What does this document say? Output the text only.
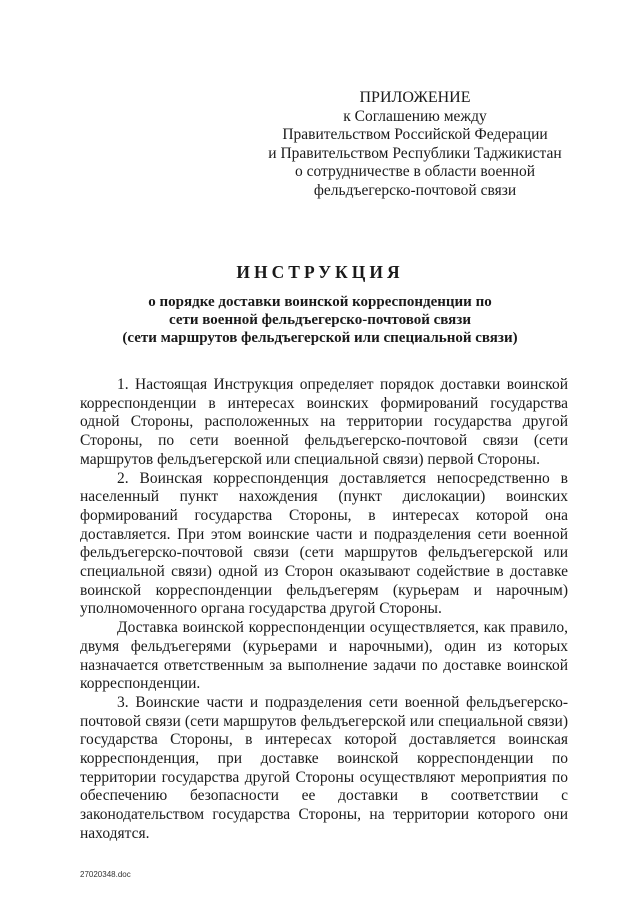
ПРИЛОЖЕНИЕ
к Соглашению между
Правительством Российской Федерации
и Правительством Республики Таджикистан
о сотрудничестве в области военной
фельдъегерско-почтовой связи
ИНСТРУКЦИЯ
о порядке доставки воинской корреспонденции по
сети военной фельдъегерско-почтовой связи
(сети маршрутов фельдъегерской или специальной связи)

1. Настоящая Инструкция определяет порядок доставки воинской корреспонденции в интересах воинских формирований государства одной Стороны, расположенных на территории государства другой Стороны, по сети военной фельдъегерско-почтовой связи (сети маршрутов фельдъегерской или специальной связи) первой Стороны.

2. Воинская корреспонденция доставляется непосредственно в населенный пункт нахождения (пункт дислокации) воинских формирований государства Стороны, в интересах которой она доставляется. При этом воинские части и подразделения сети военной фельдъегерско-почтовой связи (сети маршрутов фельдъегерской или специальной связи) одной из Сторон оказывают содействие в доставке воинской корреспонденции фельдъегерям (курьерам и нарочным) уполномоченного органа государства другой Стороны.

Доставка воинской корреспонденции осуществляется, как правило, двумя фельдъегерями (курьерами и нарочными), один из которых назначается ответственным за выполнение задачи по доставке воинской корреспонденции.

3. Воинские части и подразделения сети военной фельдъегерско-почтовой связи (сети маршрутов фельдъегерской или специальной связи) государства Стороны, в интересах которой доставляется воинская корреспонденция, при доставке воинской корреспонденции по территории государства другой Стороны осуществляют мероприятия по обеспечению безопасности ее доставки в соответствии с законодательством государства Стороны, на территории которого они находятся.

27020348.doc
